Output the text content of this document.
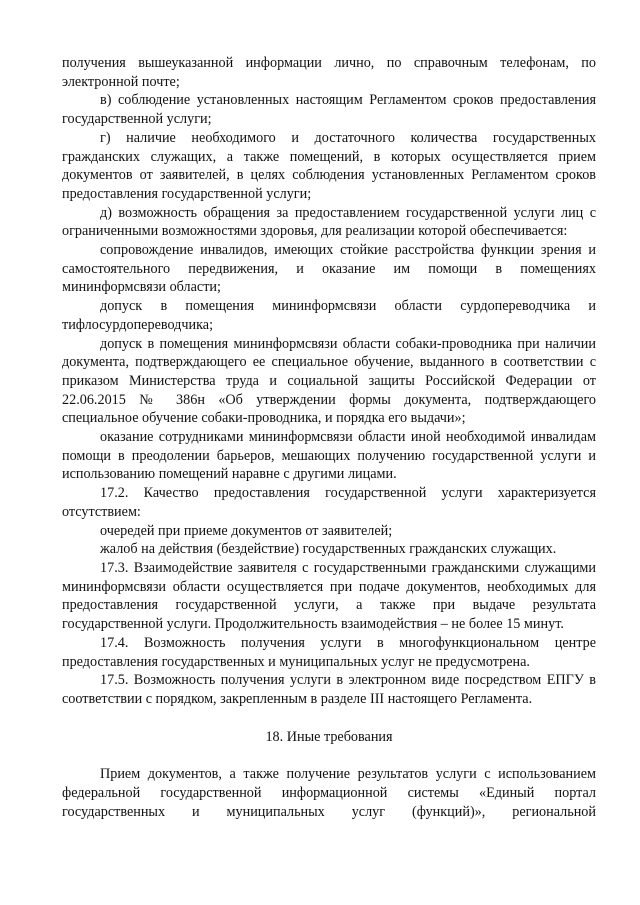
получения вышеуказанной информации лично, по справочным телефонам, по электронной почте;

в) соблюдение установленных настоящим Регламентом сроков предоставления государственной услуги;

г) наличие необходимого и достаточного количества государственных гражданских служащих, а также помещений, в которых осуществляется прием документов от заявителей, в целях соблюдения установленных Регламентом сроков предоставления государственной услуги;

д) возможность обращения за предоставлением государственной услуги лиц с ограниченными возможностями здоровья, для реализации которой обеспечивается:

сопровождение инвалидов, имеющих стойкие расстройства функции зрения и самостоятельного передвижения, и оказание им помощи в помещениях мининформсвязи области;

допуск в помещения мининформсвязи области сурдопереводчика и тифлосурдопереводчика;

допуск в помещения мининформсвязи области собаки-проводника при наличии документа, подтверждающего ее специальное обучение, выданного в соответствии с приказом Министерства труда и социальной защиты Российской Федерации от 22.06.2015 № 386н «Об утверждении формы документа, подтверждающего специальное обучение собаки-проводника, и порядка его выдачи»;

оказание сотрудниками мининформсвязи области иной необходимой инвалидам помощи в преодолении барьеров, мешающих получению государственной услуги и использованию помещений наравне с другими лицами.

17.2. Качество предоставления государственной услуги характеризуется отсутствием:

очередей при приеме документов от заявителей;

жалоб на действия (бездействие) государственных гражданских служащих.

17.3. Взаимодействие заявителя с государственными гражданскими служащими мининформсвязи области осуществляется при подаче документов, необходимых для предоставления государственной услуги, а также при выдаче результата государственной услуги. Продолжительность взаимодействия – не более 15 минут.

17.4. Возможность получения услуги в многофункциональном центре предоставления государственных и муниципальных услуг не предусмотрена.

17.5. Возможность получения услуги в электронном виде посредством ЕПГУ в соответствии с порядком, закрепленным в разделе III настоящего Регламента.

18. Иные требования

Прием документов, а также получение результатов услуги с использованием федеральной государственной информационной системы «Единый портал государственных и муниципальных услуг (функций)», региональной
